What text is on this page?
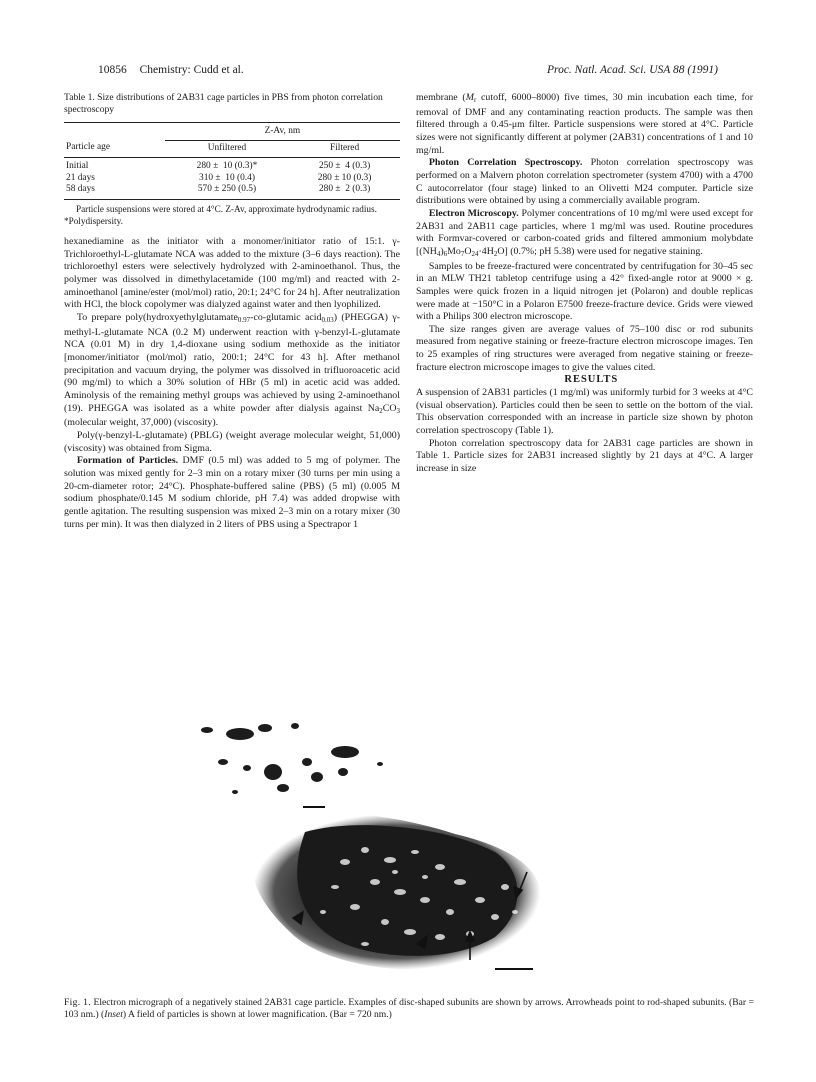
10856 Chemistry: Cudd et al.	Proc. Natl. Acad. Sci. USA 88 (1991)
Table 1. Size distributions of 2AB31 cage particles in PBS from photon correlation spectroscopy
	Z-Av, nm	
Particle age	Unfiltered	Filtered
Initial	280 ±  10 (0.3)*	250 ±  4 (0.3)
21 days	310 ±  10 (0.4)	280 ± 10 (0.3)
58 days	570 ± 250 (0.5)	280 ±  2 (0.3)
Particle suspensions were stored at 4°C. Z-Av, approximate hydrodynamic radius.
*Polydispersity.

hexanediamine as the initiator with a monomer/initiator ratio of 15:1. γ-Trichloroethyl-L-glutamate NCA was added to the mixture (3–6 days reaction). The trichloroethyl esters were selectively hydrolyzed with 2-aminoethanol. Thus, the polymer was dissolved in dimethylacetamide (100 mg/ml) and reacted with 2-aminoethanol [amine/ester (mol/mol) ratio, 20:1; 24°C for 24 h]. After neutralization with HCl, the block copolymer was dialyzed against water and then lyophilized.

To prepare poly(hydroxyethylglutamate$_{0.97}$-co-glutamic acid$_{0.03}$) (PHEGGA) γ-methyl-L-glutamate NCA (0.2 M) underwent reaction with γ-benzyl-L-glutamate NCA (0.01 M) in dry 1,4-dioxane using sodium methoxide as the initiator [monomer/initiator (mol/mol) ratio, 200:1; 24°C for 43 h]. After methanol precipitation and vacuum drying, the polymer was dissolved in trifluoroacetic acid (90 mg/ml) to which a 30% solution of HBr (5 ml) in acetic acid was added. Aminolysis of the remaining methyl groups was achieved by using 2-aminoethanol (19). PHEGGA was isolated as a white powder after dialysis against $Na_2CO_3$ (molecular weight, 37,000) (viscosity).

Poly(γ-benzyl-L-glutamate) (PBLG) (weight average molecular weight, 51,000) (viscosity) was obtained from Sigma.

Formation of Particles. DMF (0.5 ml) was added to 5 mg of polymer. The solution was mixed gently for 2–3 min on a rotary mixer (30 turns per min using a 20-cm-diameter rotor; 24°C). Phosphate-buffered saline (PBS) (5 ml) (0.005 M sodium phosphate/0.145 M sodium chloride, pH 7.4) was added dropwise with gentle agitation. The resulting suspension was mixed 2–3 min on a rotary mixer (30 turns per min). It was then dialyzed in 2 liters of PBS using a Spectrapor 1

membrane ($M_r$ cutoff, 6000–8000) five times, 30 min incubation each time, for removal of DMF and any contaminating reaction products. The sample was then filtered through a 0.45-μm filter. Particle suspensions were stored at 4°C. Particle sizes were not significantly different at polymer (2AB31) concentrations of 1 and 10 mg/ml.

Photon Correlation Spectroscopy. Photon correlation spectroscopy was performed on a Malvern photon correlation spectrometer (system 4700) with a 4700 C autocorrelator (four stage) linked to an Olivetti M24 computer. Particle size distributions were obtained by using a commercially available program.

Electron Microscopy. Polymer concentrations of 10 mg/ml were used except for 2AB31 and 2AB11 cage particles, where 1 mg/ml was used. Routine procedures with Formvar-covered or carbon-coated grids and filtered ammonium molybdate $[(NH_4)_6Mo_7O_{24}\cdot 4H_2O]$ (0.7%; pH 5.38) were used for negative staining.

Samples to be freeze-fractured were concentrated by centrifugation for 30–45 sec in an MLW TH21 tabletop centrifuge using a 42° fixed-angle rotor at 9000 × g. Samples were quick frozen in a liquid nitrogen jet (Polaron) and double replicas were made at −150°C in a Polaron E7500 freeze-fracture device. Grids were viewed with a Philips 300 electron microscope.

The size ranges given are average values of 75–100 disc or rod subunits measured from negative staining or freeze-fracture electron microscope images. Ten to 25 examples of ring structures were averaged from negative staining or freeze-fracture electron microscope images to give the values cited.

RESULTS

A suspension of 2AB31 particles (1 mg/ml) was uniformly turbid for 3 weeks at 4°C (visual observation). Particles could then be seen to settle on the bottom of the vial. This observation corresponded with an increase in particle size shown by photon correlation spectroscopy (Table 1).

Photon correlation spectroscopy data for 2AB31 cage particles are shown in Table 1. Particle sizes for 2AB31 increased slightly by 21 days at 4°C. A larger increase in size

Fig. 1. Electron micrograph of a negatively stained 2AB31 cage particle. Examples of disc-shaped subunits are shown by arrows. Arrowheads point to rod-shaped subunits. (Bar = 103 nm.) (Inset) A field of particles is shown at lower magnification. (Bar = 720 nm.)
